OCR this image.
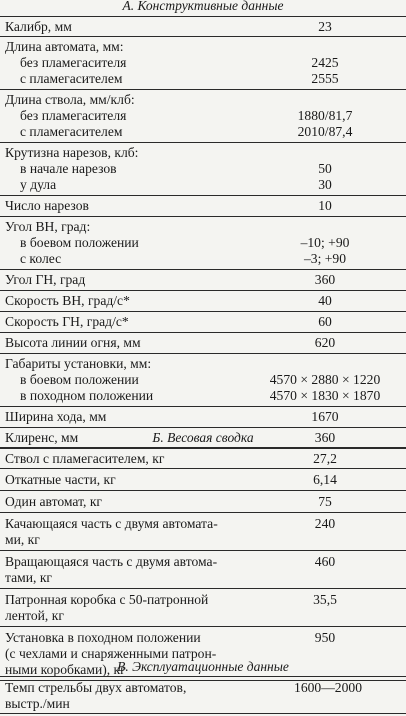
А. Конструктивные данные
Калибр, мм	23
Длина автомата, мм:
без пламегасителя	2425
с пламегасителем	2555
Длина ствола, мм/клб:
без пламегасителя	1880/81,7
с пламегасителем	2010/87,4
Крутизна нарезов, клб:
в начале нарезов	50
у дула	30
Число нарезов	10
Угол ВН, град:
в боевом положении	–10; +90
с колес	–3; +90
Угол ГН, град	360
Скорость ВН, град/с*	40
Скорость ГН, град/с*	60
Высота линии огня, мм	620
Габариты установки, мм:
в боевом положении	4570 × 2880 × 1220
в походном положении	4570 × 1830 × 1870
Ширина хода, мм	1670
Клиренс, мм	360
Б. Весовая сводка
Ствол с пламегасителем, кг	27,2
Откатные части, кг	6,14
Один автомат, кг	75
Качающаяся часть с двумя автомата-	240
ми, кг
Вращающаяся часть с двумя автома-	460
тами, кг
Патронная коробка с 50-патронной	35,5
лентой, кг
Установка в походном положении	950
(с чехлами и снаряженными патрон-
ными коробками), кг
В. Эксплуатационные данные
Темп стрельбы двух автоматов,	1600—2000
выстр./мин
